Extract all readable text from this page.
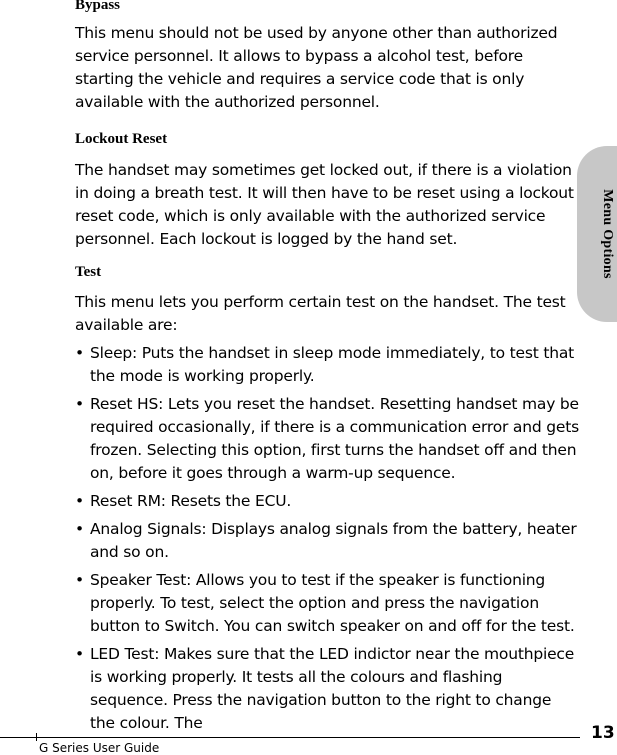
Bypass

This menu should not be used by anyone other than authorized service personnel. It allows to bypass a alcohol test, before starting the vehicle and requires a service code that is only available with the authorized personnel.

Lockout Reset

The handset may sometimes get locked out, if there is a violation in doing a breath test. It will then have to be reset using a lockout reset code, which is only available with the authorized service personnel. Each lockout is logged by the hand set.

Test

This menu lets you perform certain test on the handset. The test available are:

• Sleep: Puts the handset in sleep mode immediately, to test that the mode is working properly.
• Reset HS: Lets you reset the handset. Resetting handset may be required occasionally, if there is a communication error and gets frozen. Selecting this option, first turns the handset off and then on, before it goes through a warm-up sequence.
• Reset RM: Resets the ECU.
• Analog Signals: Displays analog signals from the battery, heater and so on.
• Speaker Test: Allows you to test if the speaker is functioning properly. To test, select the option and press the navigation button to Switch. You can switch speaker on and off for the test.
• LED Test: Makes sure that the LED indictor near the mouthpiece is working properly. It tests all the colours and flashing sequence. Press the navigation button to the right to change the colour. The
Menu Options
G Series User Guide
13
